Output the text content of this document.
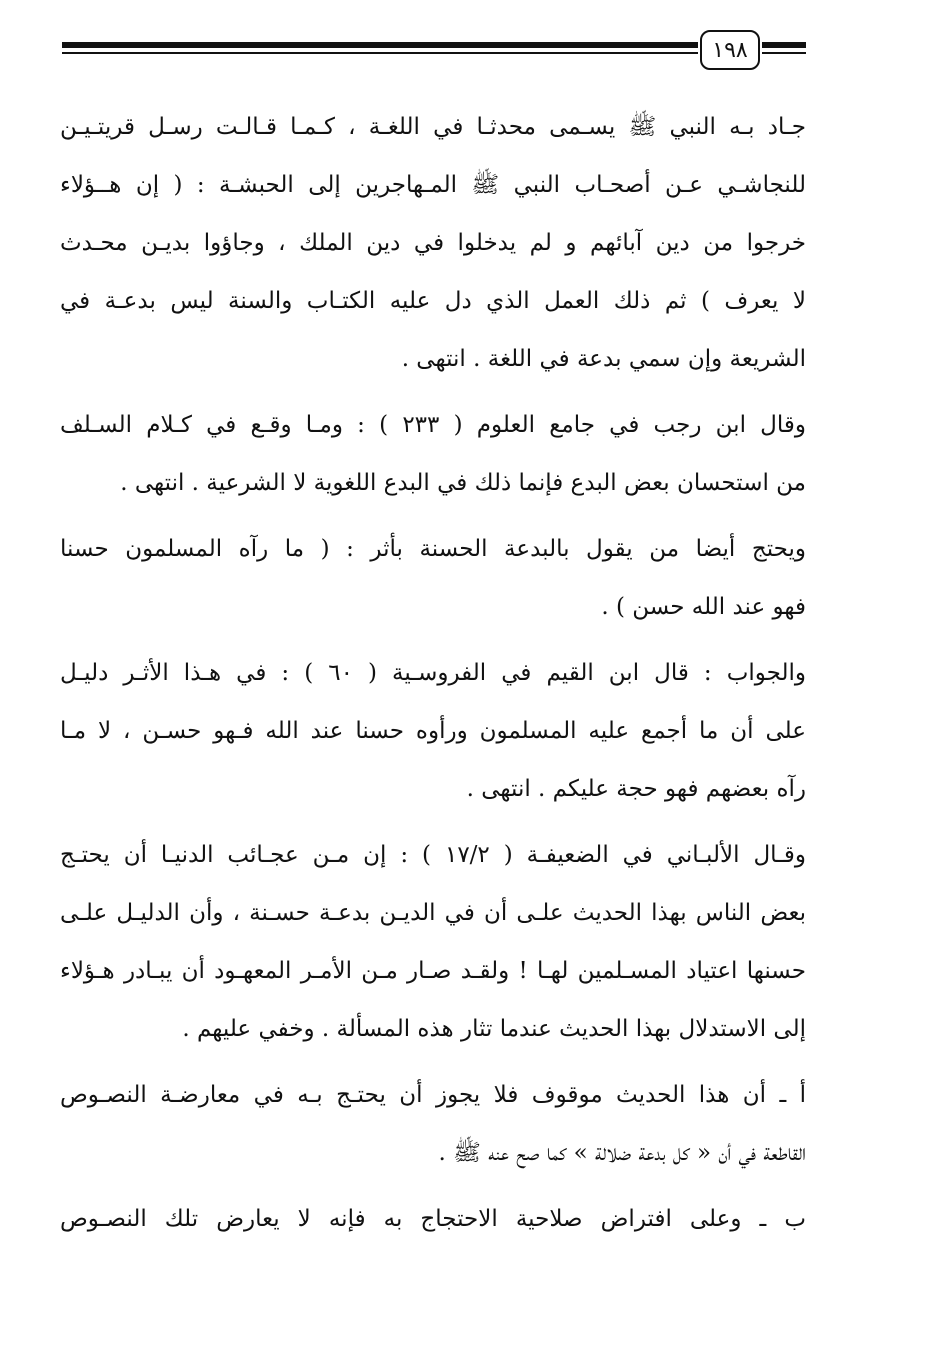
١٩٨
جـاد بـه النبي ﷺ يسـمى محدثـا في اللغـة ، كـمـا قـالـت رسـل قريتـيـن
للنجاشـي عـن أصحـاب النبي ﷺ المـهاجرين إلى الحبشـة : ( إن هــؤلاء
خرجوا من دين آبائهم و لم يدخلوا في دين الملك ، وجاؤوا بديـن محـدث
لا يعرف ) ثم ذلك العمل الذي دل عليه الكتـاب والسنة ليس بدعـة في
الشريعة وإن سمي بدعة في اللغة . انتهى .
وقال ابن رجب في جامع العلوم ( ٢٣٣ ) : ومـا وقـع في كـلام السـلف
من استحسان بعض البدع فإنما ذلك في البدع اللغوية لا الشرعية . انتهى .
ويحتج أيضا من يقول بالبدعة الحسنة بأثر : ( ما رآه المسلمون حسنا
فهو عند الله حسن ) .
والجواب : قال ابن القيم في الفروسـية ( ٦٠ ) : في هـذا الأثـر دليـل
على أن ما أجمع عليه المسلمون ورأوه حسنا عند الله فـهو حسـن ، لا مـا
رآه بعضهم فهو حجة عليكم . انتهى .
وقـال الألبـاني في الضعيفـة ( ١٧/٢ ) : إن مـن عجـائب الدنيـا أن يحتـج
بعض الناس بهذا الحديث علـى أن في الديـن بدعـة حسـنة ، وأن الدليـل علـى
حسنها اعتياد المسـلمين لهـا ! ولقـد صـار مـن الأمـر المعهـود أن يبـادر هـؤلاء
إلى الاستدلال بهذا الحديث عندما تثار هذه المسألة . وخفي عليهم .
أ ـ أن هذا الحديث موقوف فلا يجوز أن يحتـج بـه في معارضـة النصـوص
القاطعة في أن « كل بدعة ضلالة » كما صح عنه ﷺ .
ب ـ وعلى افتراض صلاحية الاحتجاج به فإنه لا يعارض تلك النصـوص
